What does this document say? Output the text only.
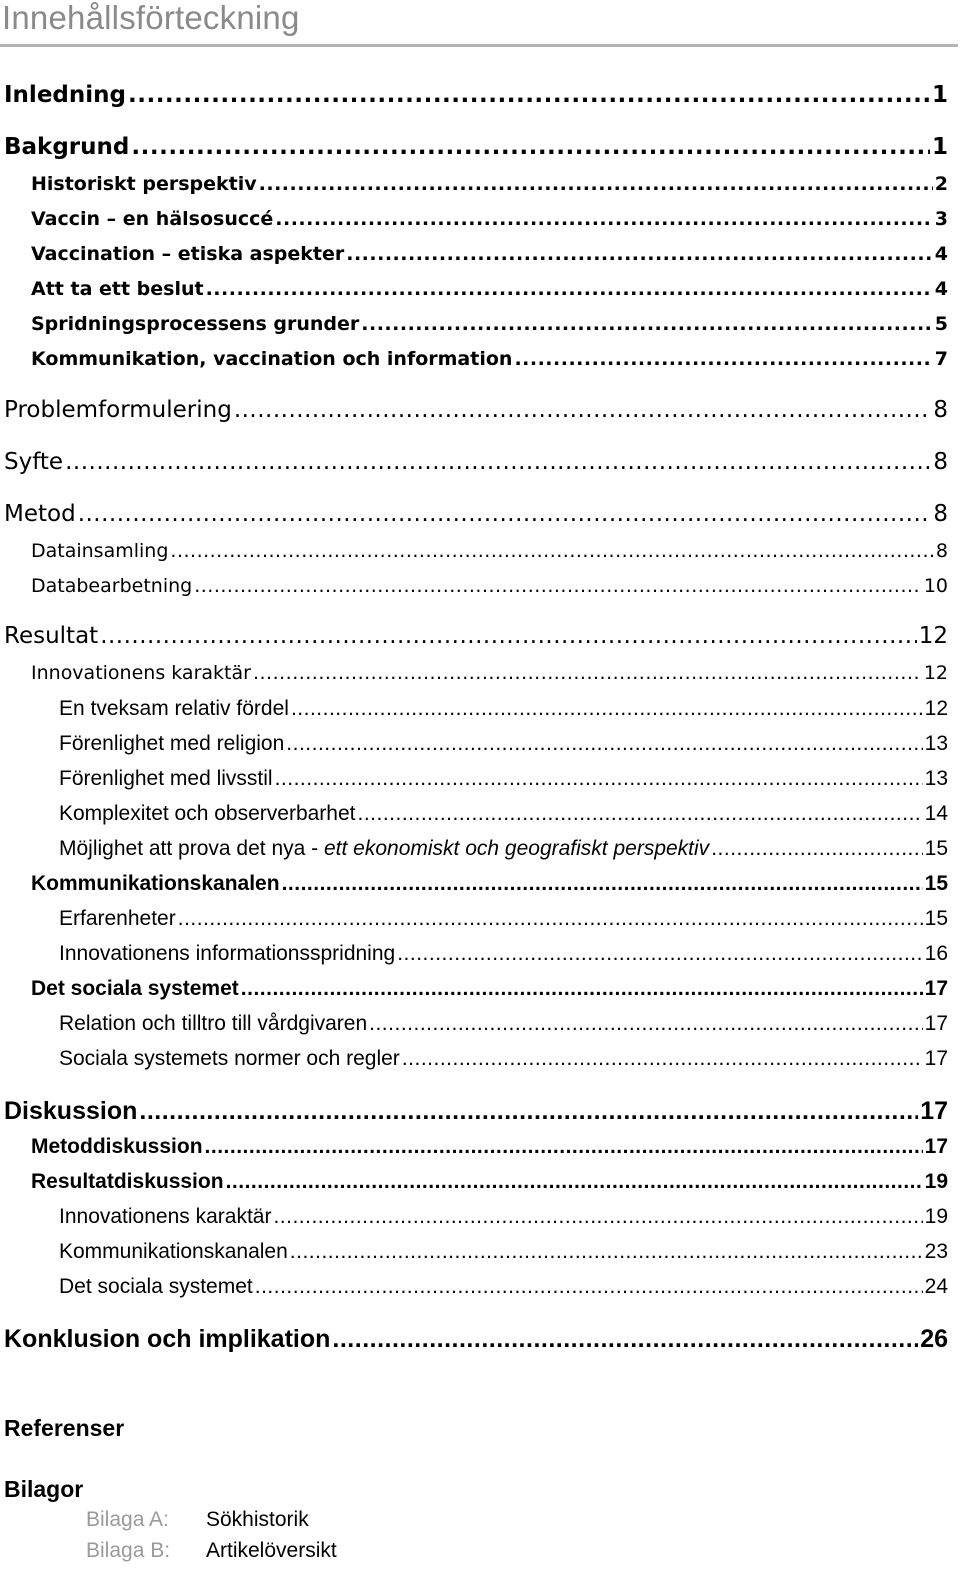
Innehållsförteckning
Inledning .....	1
Bakgrund .....	1
Historiskt perspektiv .....	2
Vaccin – en hälsosuccé .....	3
Vaccination – etiska aspekter .....	4
Att ta ett beslut .....	4
Spridningsprocessens grunder .....	5
Kommunikation, vaccination och information .....	7
Problemformulering .....	8
Syfte .....	8
Metod .....	8
Datainsamling .....	8
Databearbetning .....	10
Resultat .....	12
Innovationens karaktär .....	12
En tveksam relativ fördel .....	12
Förenlighet med religion .....	13
Förenlighet med livsstil .....	13
Komplexitet och observerbarhet .....	14
Möjlighet att prova det nya - ett ekonomiskt och geografiskt perspektiv .....	15
Kommunikationskanalen .....	15
Erfarenheter .....	15
Innovationens informationsspridning .....	16
Det sociala systemet .....	17
Relation och tilltro till vårdgivaren .....	17
Sociala systemets normer och regler .....	17
Diskussion .....	17
Metoddiskussion .....	17
Resultatdiskussion .....	19
Innovationens karaktär .....	19
Kommunikationskanalen .....	23
Det sociala systemet .....	24
Konklusion och implikation .....	26
Referenser
Bilagor
Bilaga A:	Sökhistorik
Bilaga B:	Artikelöversikt
